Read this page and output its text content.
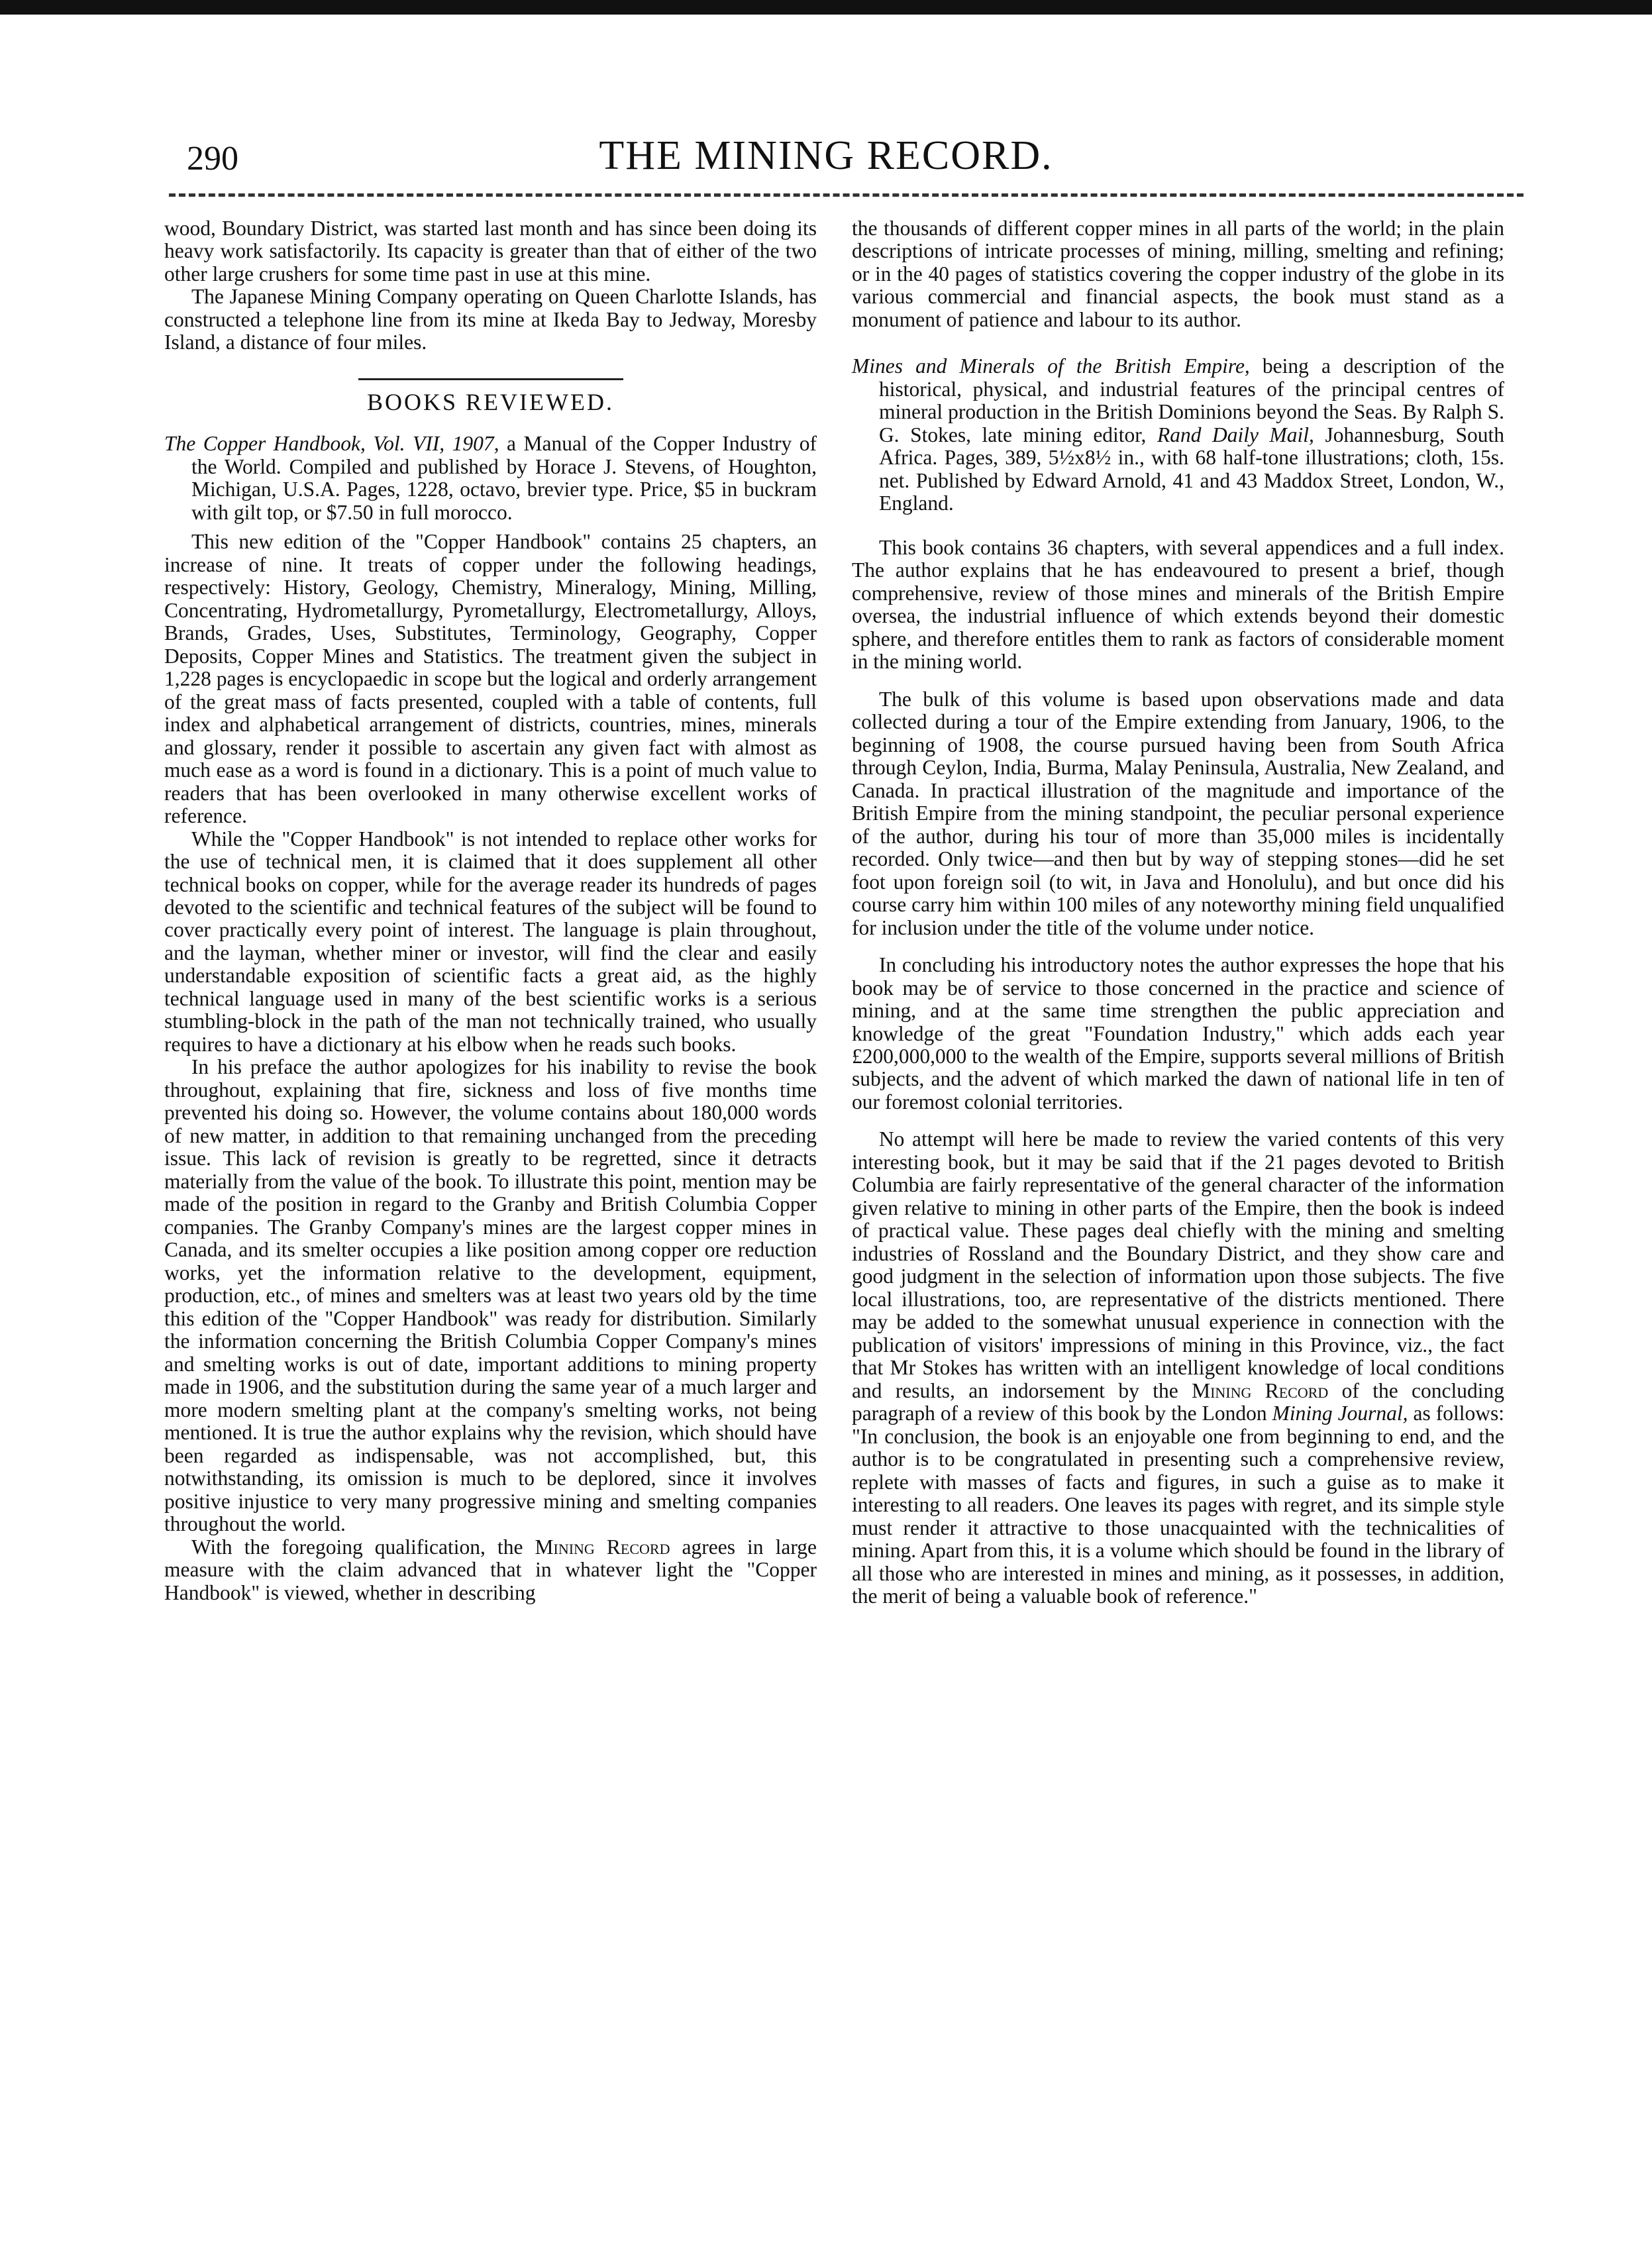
290	THE MINING RECORD.

wood, Boundary District, was started last month and has since been doing its heavy work satisfactorily. Its capacity is greater than that of either of the two other large crushers for some time past in use at this mine.

The Japanese Mining Company operating on Queen Charlotte Islands, has constructed a telephone line from its mine at Ikeda Bay to Jedway, Moresby Island, a distance of four miles.

BOOKS REVIEWED.
The Copper Handbook, Vol. VII, 1907, a Manual of the Copper Industry of the World. Compiled and published by Horace J. Stevens, of Houghton, Michigan, U.S.A. Pages, 1228, octavo, brevier type. Price, $5 in buckram with gilt top, or $7.50 in full morocco.

This new edition of the "Copper Handbook" contains 25 chapters, an increase of nine. It treats of copper under the following headings, respectively: History, Geology, Chemistry, Mineralogy, Mining, Milling, Concentrating, Hydrometallurgy, Pyrometallurgy, Electrometallurgy, Alloys, Brands, Grades, Uses, Substitutes, Terminology, Geography, Copper Deposits, Copper Mines and Statistics. The treatment given the subject in 1,228 pages is encyclopaedic in scope but the logical and orderly arrangement of the great mass of facts presented, coupled with a table of contents, full index and alphabetical arrangement of districts, countries, mines, minerals and glossary, render it possible to ascertain any given fact with almost as much ease as a word is found in a dictionary. This is a point of much value to readers that has been overlooked in many otherwise excellent works of reference.

While the "Copper Handbook" is not intended to replace other works for the use of technical men, it is claimed that it does supplement all other technical books on copper, while for the average reader its hundreds of pages devoted to the scientific and technical features of the subject will be found to cover practically every point of interest. The language is plain throughout, and the layman, whether miner or investor, will find the clear and easily understandable exposition of scientific facts a great aid, as the highly technical language used in many of the best scientific works is a serious stumbling-block in the path of the man not technically trained, who usually requires to have a dictionary at his elbow when he reads such books.

In his preface the author apologizes for his inability to revise the book throughout, explaining that fire, sickness and loss of five months time prevented his doing so. However, the volume contains about 180,000 words of new matter, in addition to that remaining unchanged from the preceding issue. This lack of revision is greatly to be regretted, since it detracts materially from the value of the book. To illustrate this point, mention may be made of the position in regard to the Granby and British Columbia Copper companies. The Granby Company's mines are the largest copper mines in Canada, and its smelter occupies a like position among copper ore reduction works, yet the information relative to the development, equipment, production, etc., of mines and smelters was at least two years old by the time this edition of the "Copper Handbook" was ready for distribution. Similarly the information concerning the British Columbia Copper Company's mines and smelting works is out of date, important additions to mining property made in 1906, and the substitution during the same year of a much larger and more modern smelting plant at the company's smelting works, not being mentioned. It is true the author explains why the revision, which should have been regarded as indispensable, was not accomplished, but, this notwithstanding, its omission is much to be deplored, since it involves positive injustice to very many progressive mining and smelting companies throughout the world.

With the foregoing qualification, the Mining Record agrees in large measure with the claim advanced that in whatever light the "Copper Handbook" is viewed, whether in describing

the thousands of different copper mines in all parts of the world; in the plain descriptions of intricate processes of mining, milling, smelting and refining; or in the 40 pages of statistics covering the copper industry of the globe in its various commercial and financial aspects, the book must stand as a monument of patience and labour to its author.

Mines and Minerals of the British Empire, being a description of the historical, physical, and industrial features of the principal centres of mineral production in the British Dominions beyond the Seas. By Ralph S. G. Stokes, late mining editor, Rand Daily Mail, Johannesburg, South Africa. Pages, 389, 5½x8½ in., with 68 half-tone illustrations; cloth, 15s. net. Published by Edward Arnold, 41 and 43 Maddox Street, London, W., England.

This book contains 36 chapters, with several appendices and a full index. The author explains that he has endeavoured to present a brief, though comprehensive, review of those mines and minerals of the British Empire oversea, the industrial influence of which extends beyond their domestic sphere, and therefore entitles them to rank as factors of considerable moment in the mining world.

The bulk of this volume is based upon observations made and data collected during a tour of the Empire extending from January, 1906, to the beginning of 1908, the course pursued having been from South Africa through Ceylon, India, Burma, Malay Peninsula, Australia, New Zealand, and Canada. In practical illustration of the magnitude and importance of the British Empire from the mining standpoint, the peculiar personal experience of the author, during his tour of more than 35,000 miles is incidentally recorded. Only twice—and then but by way of stepping stones—did he set foot upon foreign soil (to wit, in Java and Honolulu), and but once did his course carry him within 100 miles of any noteworthy mining field unqualified for inclusion under the title of the volume under notice.

In concluding his introductory notes the author expresses the hope that his book may be of service to those concerned in the practice and science of mining, and at the same time strengthen the public appreciation and knowledge of the great "Foundation Industry," which adds each year £200,000,000 to the wealth of the Empire, supports several millions of British subjects, and the advent of which marked the dawn of national life in ten of our foremost colonial territories.

No attempt will here be made to review the varied contents of this very interesting book, but it may be said that if the 21 pages devoted to British Columbia are fairly representative of the general character of the information given relative to mining in other parts of the Empire, then the book is indeed of practical value. These pages deal chiefly with the mining and smelting industries of Rossland and the Boundary District, and they show care and good judgment in the selection of information upon those subjects. The five local illustrations, too, are representative of the districts mentioned. There may be added to the somewhat unusual experience in connection with the publication of visitors' impressions of mining in this Province, viz., the fact that Mr Stokes has written with an intelligent knowledge of local conditions and results, an indorsement by the Mining Record of the concluding paragraph of a review of this book by the London Mining Journal, as follows: "In conclusion, the book is an enjoyable one from beginning to end, and the author is to be congratulated in presenting such a comprehensive review, replete with masses of facts and figures, in such a guise as to make it interesting to all readers. One leaves its pages with regret, and its simple style must render it attractive to those unacquainted with the technicalities of mining. Apart from this, it is a volume which should be found in the library of all those who are interested in mines and mining, as it possesses, in addition, the merit of being a valuable book of reference."
